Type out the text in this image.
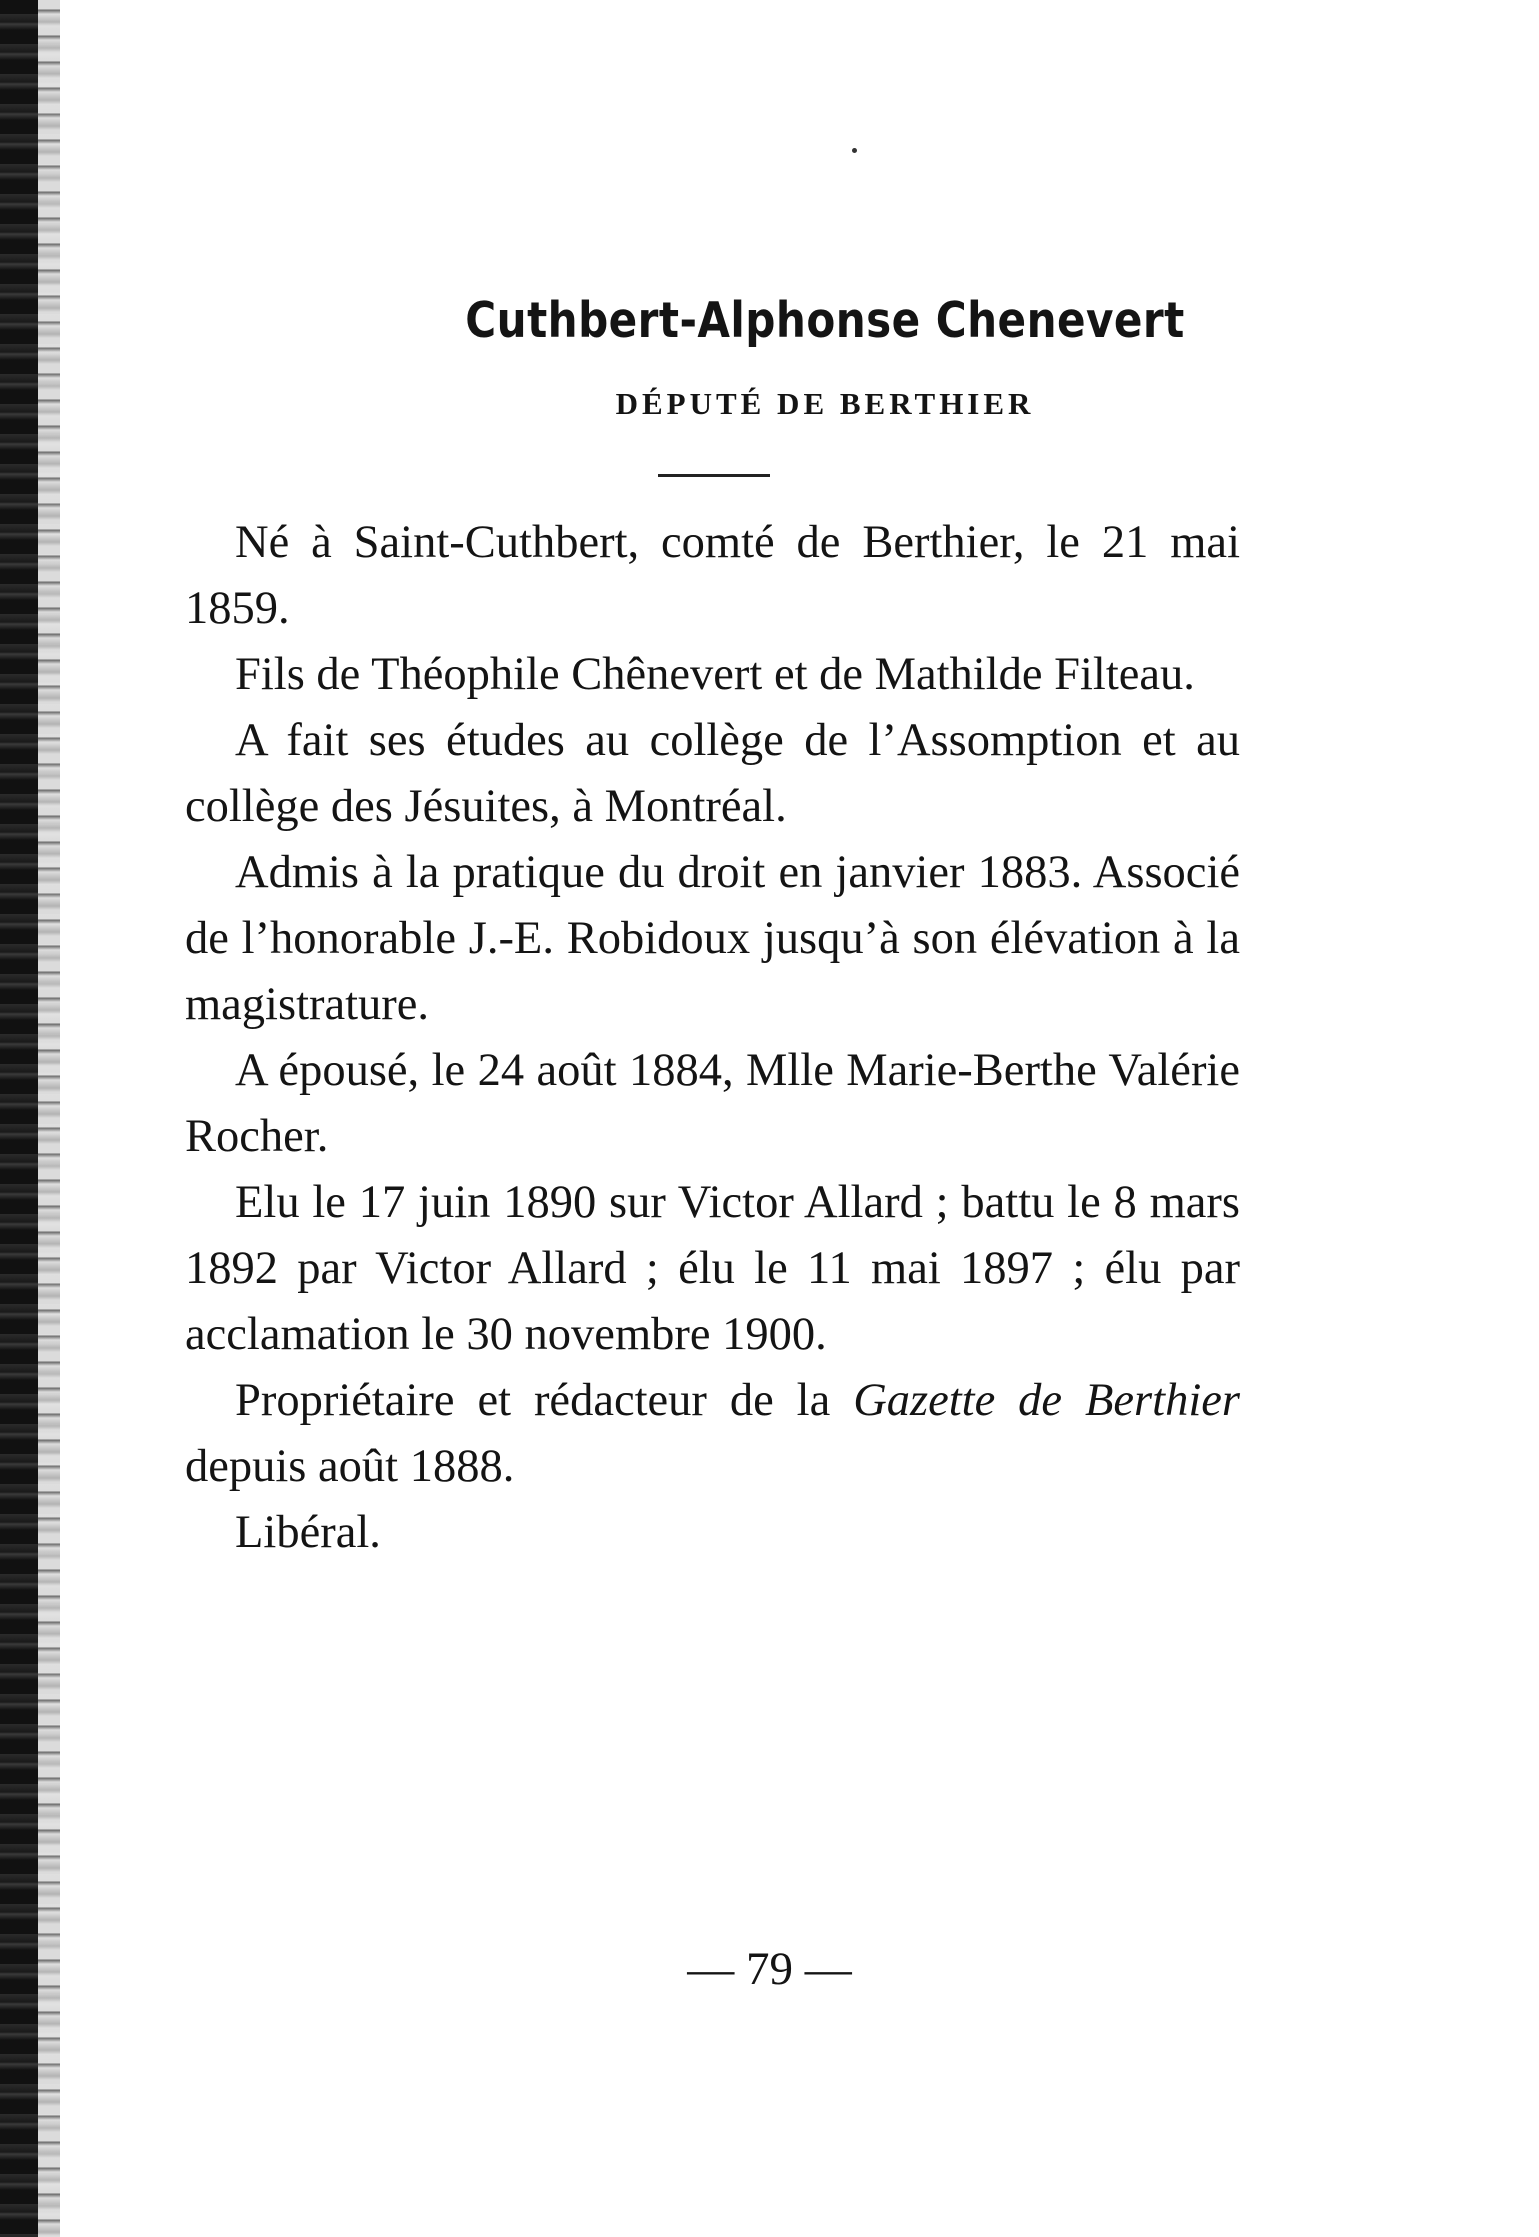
Cuthbert-Alphonse Chenevert
DÉPUTÉ DE BERTHIER

Né à Saint-Cuthbert, comté de Berthier, le 21 mai 1859.

Fils de Théophile Chênevert et de Mathilde Filteau.

A fait ses études au collège de l’Assomption et au collège des Jésuites, à Montréal.

Admis à la pratique du droit en janvier 1883. Associé de l’honorable J.-E. Robidoux jusqu’à son élévation à la magistrature.

A épousé, le 24 août 1884, Mlle Marie-Berthe Valérie Rocher.

Elu le 17 juin 1890 sur Victor Allard ; battu le 8 mars 1892 par Victor Allard ; élu le 11 mai 1897 ; élu par acclamation le 30 novembre 1900.

Propriétaire et rédacteur de la Gazette de Berthier depuis août 1888.

Libéral.

— 79 —
